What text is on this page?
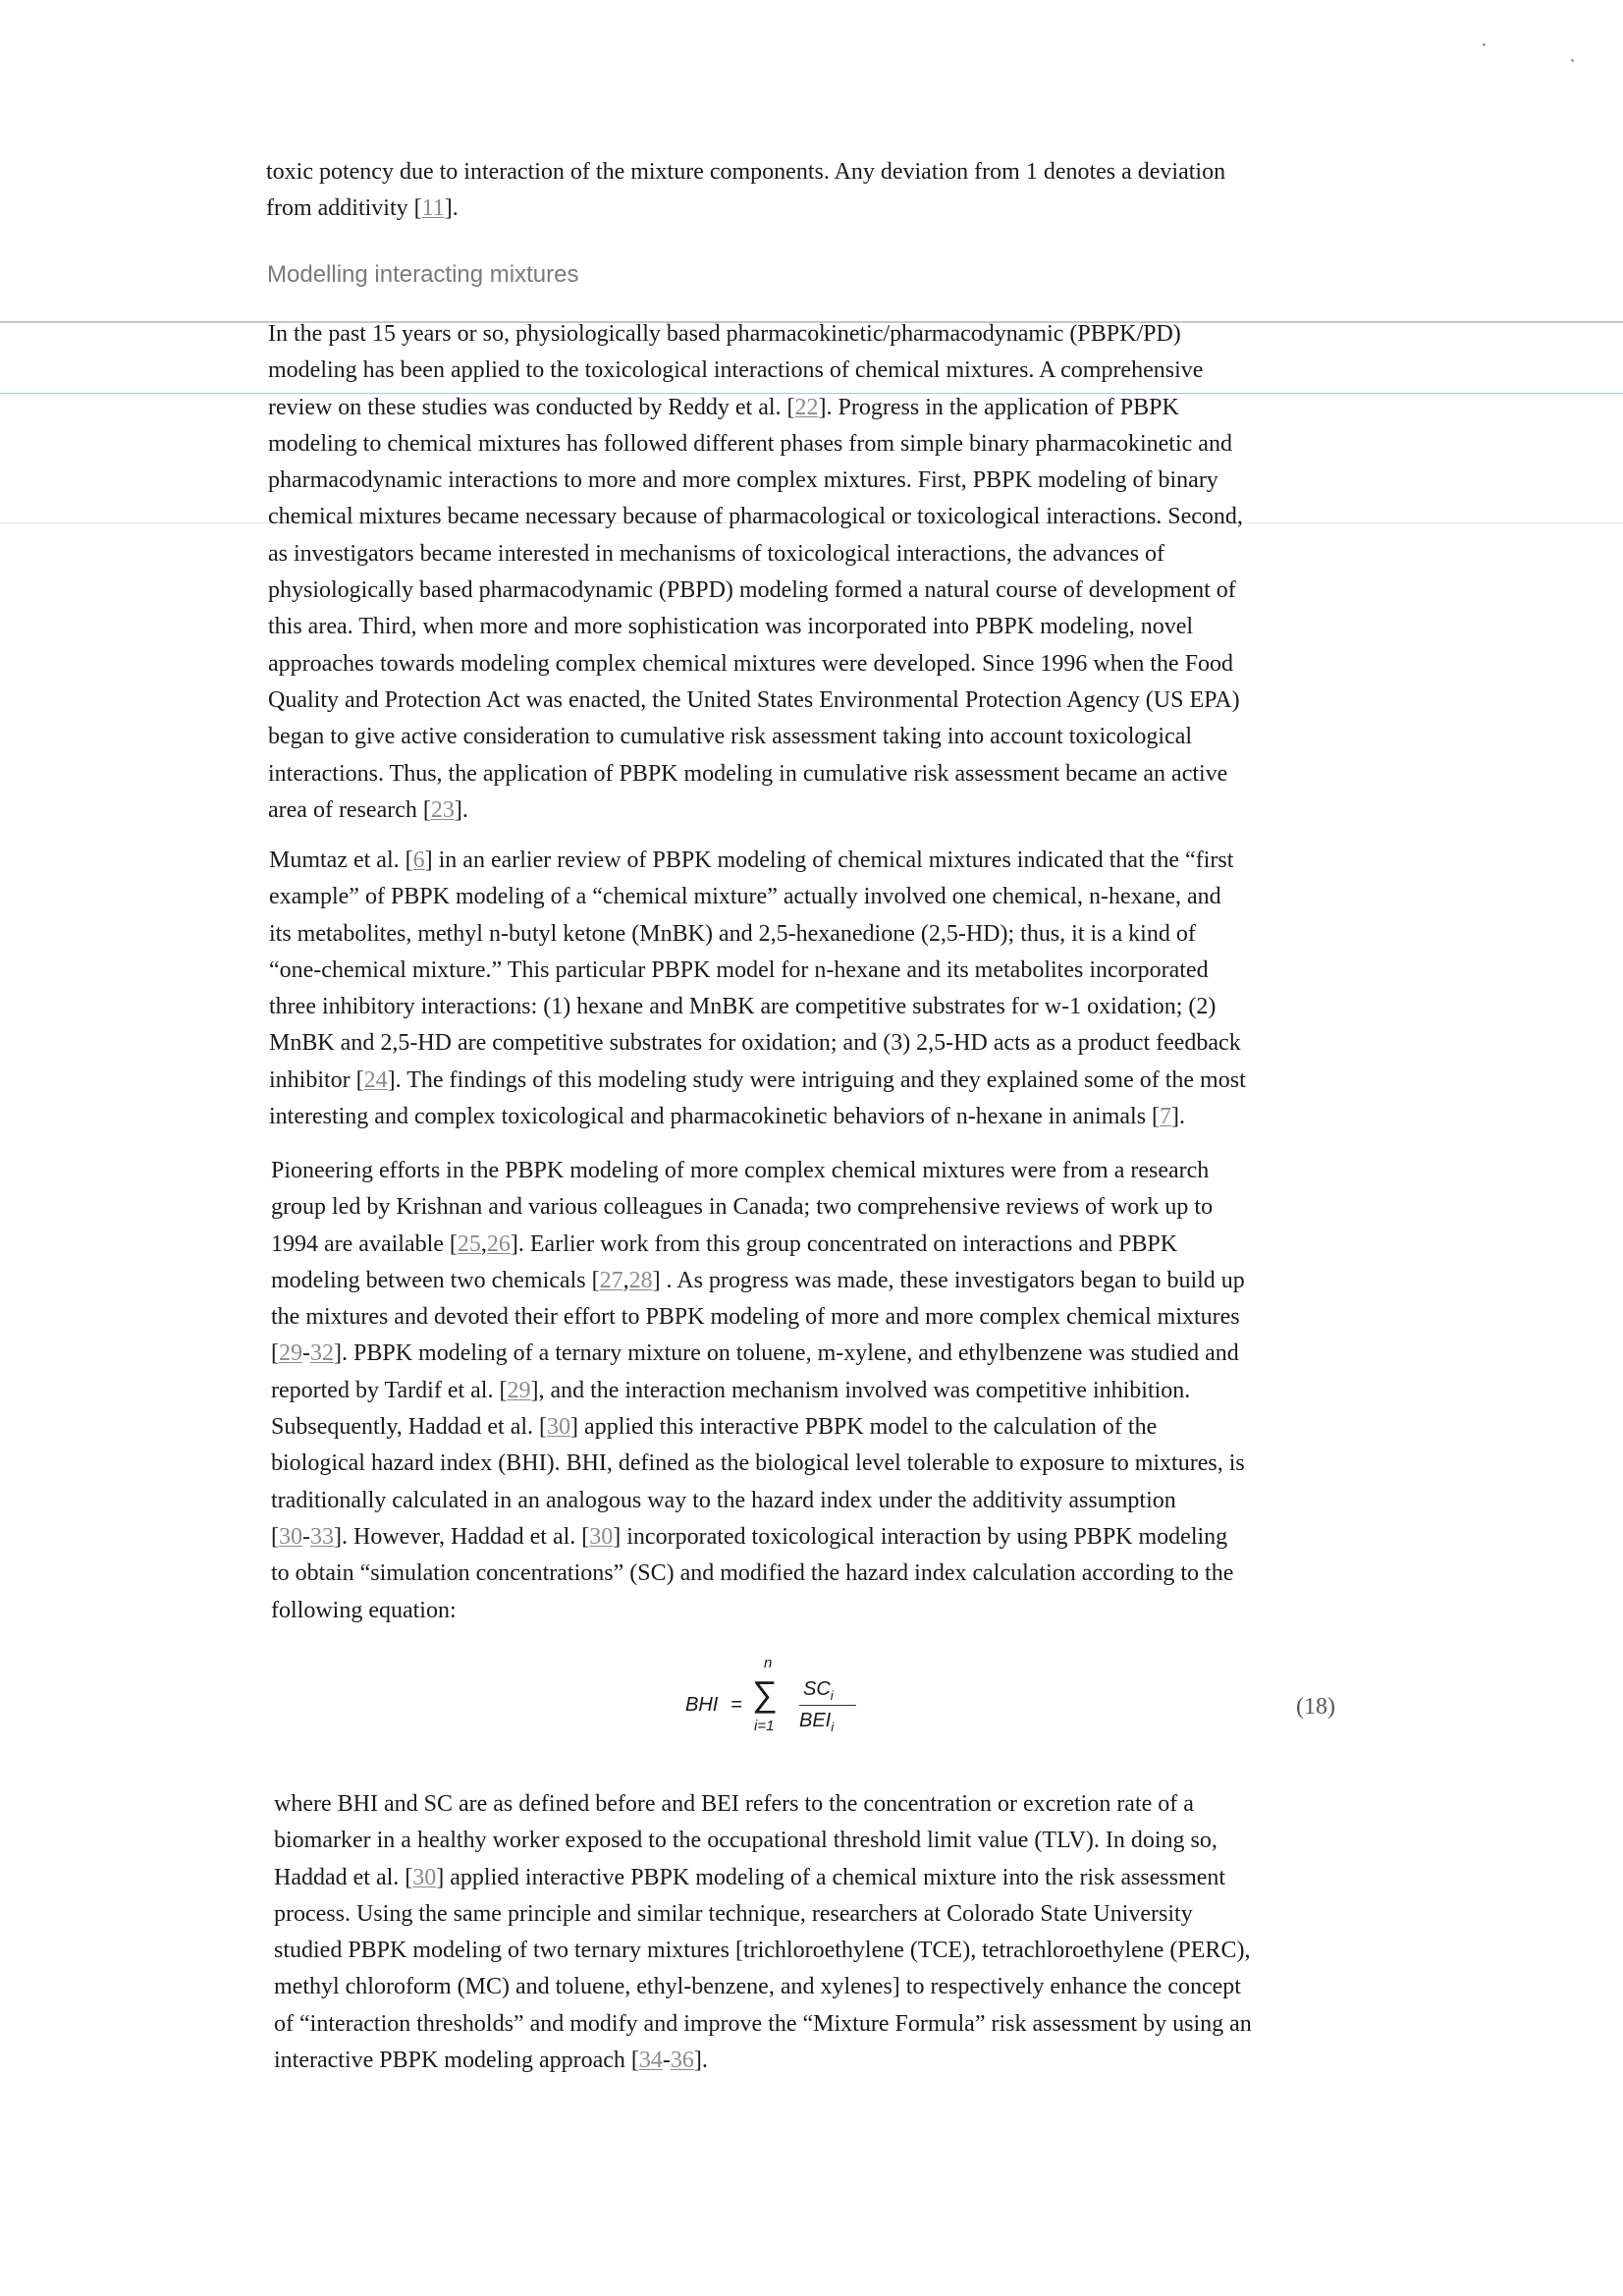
toxic potency due to interaction of the mixture components. Any deviation from 1 denotes a deviation
from additivity [11].
Modelling interacting mixtures
In the past 15 years or so, physiologically based pharmacokinetic/pharmacodynamic (PBPK/PD)
modeling has been applied to the toxicological interactions of chemical mixtures. A comprehensive
review on these studies was conducted by Reddy et al. [22]. Progress in the application of PBPK
modeling to chemical mixtures has followed different phases from simple binary pharmacokinetic and
pharmacodynamic interactions to more and more complex mixtures. First, PBPK modeling of binary
chemical mixtures became necessary because of pharmacological or toxicological interactions. Second,
as investigators became interested in mechanisms of toxicological interactions, the advances of
physiologically based pharmacodynamic (PBPD) modeling formed a natural course of development of
this area. Third, when more and more sophistication was incorporated into PBPK modeling, novel
approaches towards modeling complex chemical mixtures were developed. Since 1996 when the Food
Quality and Protection Act was enacted, the United States Environmental Protection Agency (US EPA)
began to give active consideration to cumulative risk assessment taking into account toxicological
interactions. Thus, the application of PBPK modeling in cumulative risk assessment became an active
area of research [23].
Mumtaz et al. [6] in an earlier review of PBPK modeling of chemical mixtures indicated that the “first
example” of PBPK modeling of a “chemical mixture” actually involved one chemical, n-hexane, and
its metabolites, methyl n-butyl ketone (MnBK) and 2,5-hexanedione (2,5-HD); thus, it is a kind of
“one-chemical mixture.” This particular PBPK model for n-hexane and its metabolites incorporated
three inhibitory interactions: (1) hexane and MnBK are competitive substrates for w-1 oxidation; (2)
MnBK and 2,5-HD are competitive substrates for oxidation; and (3) 2,5-HD acts as a product feedback
inhibitor [24]. The findings of this modeling study were intriguing and they explained some of the most
interesting and complex toxicological and pharmacokinetic behaviors of n-hexane in animals [7].
Pioneering efforts in the PBPK modeling of more complex chemical mixtures were from a research
group led by Krishnan and various colleagues in Canada; two comprehensive reviews of work up to
1994 are available [25,26]. Earlier work from this group concentrated on interactions and PBPK
modeling between two chemicals [27,28] . As progress was made, these investigators began to build up
the mixtures and devoted their effort to PBPK modeling of more and more complex chemical mixtures
[29-32]. PBPK modeling of a ternary mixture on toluene, m-xylene, and ethylbenzene was studied and
reported by Tardif et al. [29], and the interaction mechanism involved was competitive inhibition.
Subsequently, Haddad et al. [30] applied this interactive PBPK model to the calculation of the
biological hazard index (BHI). BHI, defined as the biological level tolerable to exposure to mixtures, is
traditionally calculated in an analogous way to the hazard index under the additivity assumption
[30-33]. However, Haddad et al. [30] incorporated toxicological interaction by using PBPK modeling
to obtain “simulation concentrations” (SC) and modified the hazard index calculation according to the
following equation:
BHI =
n
∑
i=1
$SC_i$
$BEI_i$
(18)
where BHI and SC are as defined before and BEI refers to the concentration or excretion rate of a
biomarker in a healthy worker exposed to the occupational threshold limit value (TLV). In doing so,
Haddad et al. [30] applied interactive PBPK modeling of a chemical mixture into the risk assessment
process. Using the same principle and similar technique, researchers at Colorado State University
studied PBPK modeling of two ternary mixtures [trichloroethylene (TCE), tetrachloroethylene (PERC),
methyl chloroform (MC) and toluene, ethyl-benzene, and xylenes] to respectively enhance the concept
of “interaction thresholds” and modify and improve the “Mixture Formula” risk assessment by using an
interactive PBPK modeling approach [34-36].
